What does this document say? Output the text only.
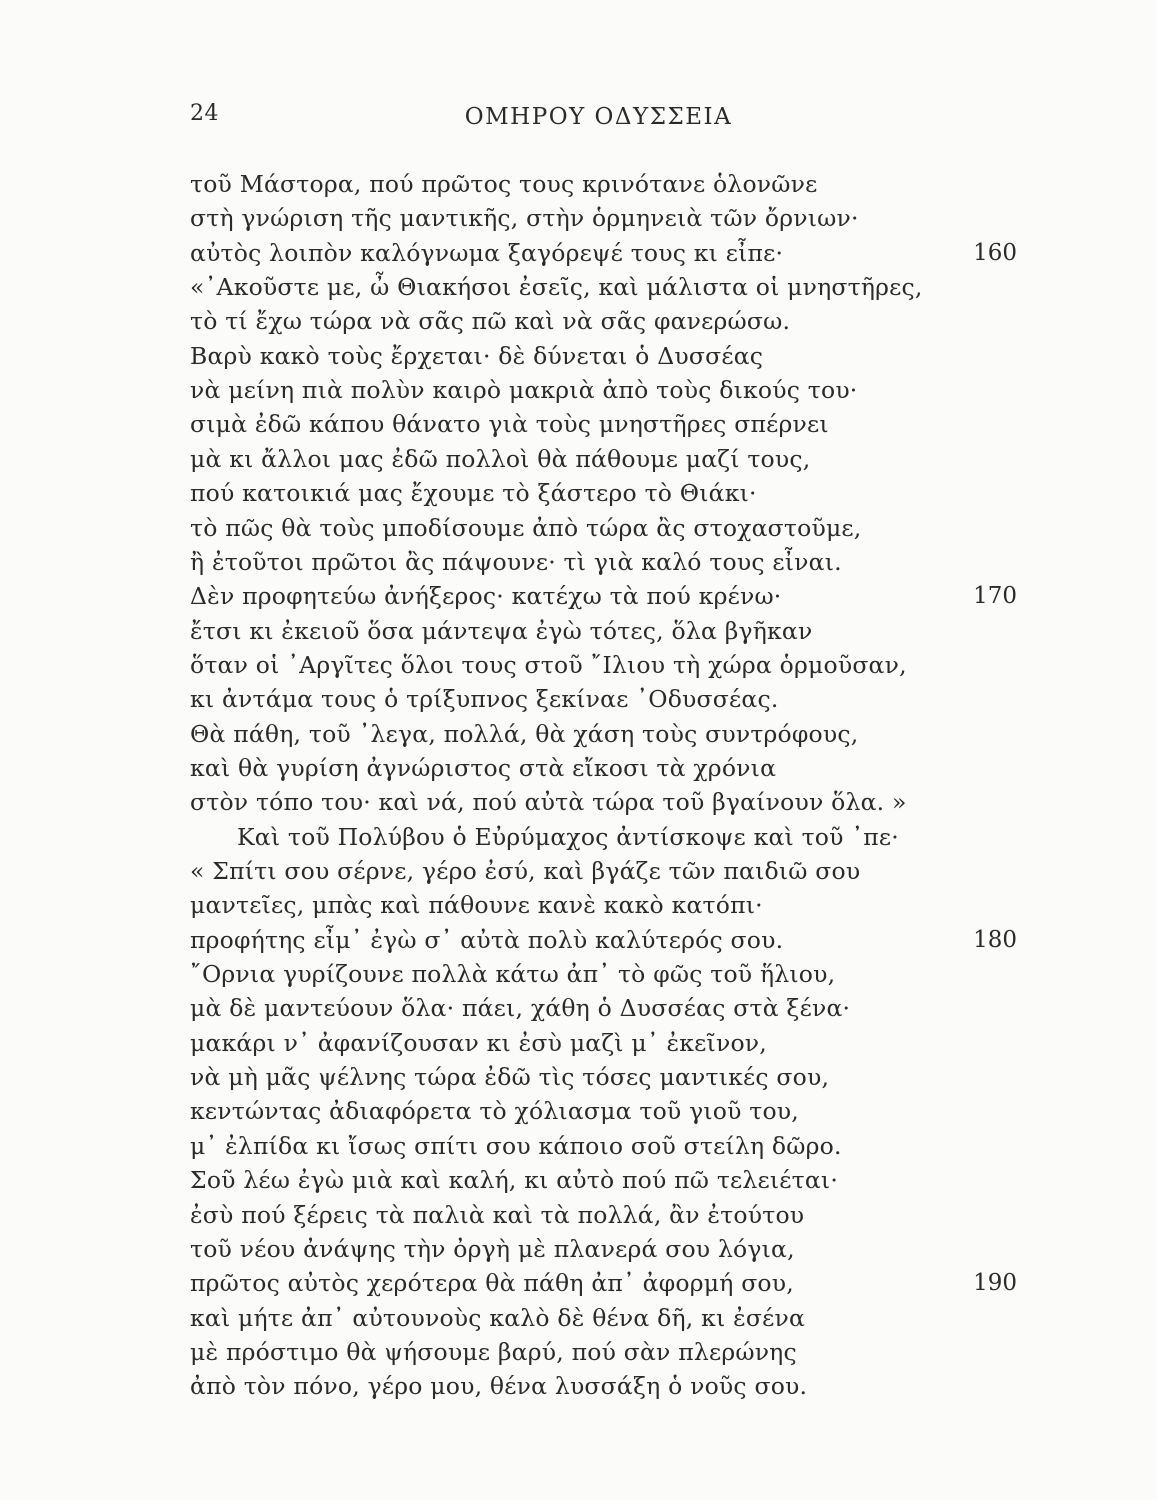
24	ΟΜΗΡΟΥ ΟΔΥΣΣΕΙΑ
τοῦ Μάστορα, πού πρῶτος τους κρινότανε ὁλονῶνε
στὴ γνώριση τῆς μαντικῆς, στὴν ὁρμηνειὰ τῶν ὄρνιων·
αὐτὸς λοιπὸν καλόγνωμα ξαγόρεψέ τους κι εἶπε·
«᾿Ακοῦστε με, ὦ Θιακήσοι ἐσεῖς, καὶ μάλιστα οἱ μνηστῆρες,
τὸ τί ἔχω τώρα νὰ σᾶς πῶ καὶ νὰ σᾶς φανερώσω.
Βαρὺ κακὸ τοὺς ἔρχεται· δὲ δύνεται ὁ Δυσσέας
νὰ μείνη πιὰ πολὺν καιρὸ μακριὰ ἀπὸ τοὺς δικούς του·
σιμὰ ἐδῶ κάπου θάνατο γιὰ τοὺς μνηστῆρες σπέρνει
μὰ κι ἄλλοι μας ἐδῶ πολλοὶ θὰ πάθουμε μαζί τους,
πού κατοικιά μας ἔχουμε τὸ ξάστερο τὸ Θιάκι·
τὸ πῶς θὰ τοὺς μποδίσουμε ἀπὸ τώρα ἂς στοχαστοῦμε,
ἢ ἐτοῦτοι πρῶτοι ἂς πάψουνε· τὶ γιὰ καλό τους εἶναι.
Δὲν προφητεύω ἀνήξερος· κατέχω τὰ πού κρένω·
ἔτσι κι ἐκειοῦ ὅσα μάντεψα ἐγὼ τότες, ὅλα βγῆκαν
ὅταν οἱ ᾿Αργῖτες ὅλοι τους στοῦ ῎Ιλιου τὴ χώρα ὁρμοῦσαν,
κι ἀντάμα τους ὁ τρίξυπνος ξεκίναε ᾿Οδυσσέας.
Θὰ πάθη, τοῦ ᾿λεγα, πολλά, θὰ χάση τοὺς συντρόφους,
καὶ θὰ γυρίση ἀγνώριστος στὰ εἴκοσι τὰ χρόνια
στὸν τόπο του· καὶ νά, πού αὐτὰ τώρα τοῦ βγαίνουν ὅλα. »
Καὶ τοῦ Πολύβου ὁ Εὐρύμαχος ἀντίσκοψε καὶ τοῦ ᾿πε·
« Σπίτι σου σέρνε, γέρο ἐσύ, καὶ βγάζε τῶν παιδιῶ σου
μαντεῖες, μπὰς καὶ πάθουνε κανὲ κακὸ κατόπι·
προφήτης εἶμ᾿ ἐγὼ σ᾿ αὐτὰ πολὺ καλύτερός σου.
῎Ορνια γυρίζουνε πολλὰ κάτω ἀπ᾿ τὸ φῶς τοῦ ἥλιου,
μὰ δὲ μαντεύουν ὅλα· πάει, χάθη ὁ Δυσσέας στὰ ξένα·
μακάρι ν᾿ ἀφανίζουσαν κι ἐσὺ μαζὶ μ᾿ ἐκεῖνον,
νὰ μὴ μᾶς ψέλνης τώρα ἐδῶ τὶς τόσες μαντικές σου,
κεντώντας ἀδιαφόρετα τὸ χόλιασμα τοῦ γιοῦ του,
μ᾿ ἐλπίδα κι ἴσως σπίτι σου κάποιο σοῦ στείλη δῶρο.
Σοῦ λέω ἐγὼ μιὰ καὶ καλή, κι αὐτὸ πού πῶ τελειέται·
ἐσὺ πού ξέρεις τὰ παλιὰ καὶ τὰ πολλά, ἂν ἐτούτου
τοῦ νέου ἀνάψης τὴν ὀργὴ μὲ πλανερά σου λόγια,
πρῶτος αὐτὸς χερότερα θὰ πάθη ἀπ᾿ ἀφορμή σου,
καὶ μήτε ἀπ᾿ αὐτουνοὺς καλὸ δὲ θένα δῆ, κι ἐσένα
μὲ πρόστιμο θὰ ψήσουμε βαρύ, πού σὰν πλερώνης
ἀπὸ τὸν πόνο, γέρο μου, θένα λυσσάξη ὁ νοῦς σου.
160
170
180
190
